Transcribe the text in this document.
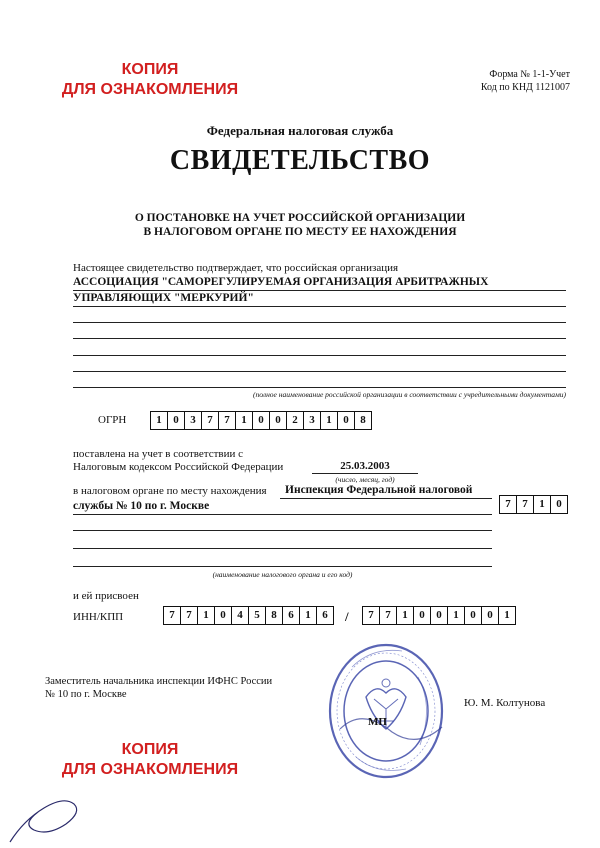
КОПИЯ
ДЛЯ ОЗНАКОМЛЕНИЯ
Форма № 1-1-Учет
Код по КНД 1121007
Федеральная налоговая служба
СВИДЕТЕЛЬСТВО
О ПОСТАНОВКЕ НА УЧЕТ РОССИЙСКОЙ ОРГАНИЗАЦИИ
В НАЛОГОВОМ ОРГАНЕ ПО МЕСТУ ЕЕ НАХОЖДЕНИЯ
Настоящее свидетельство подтверждает, что российская организация
АССОЦИАЦИЯ "САМОРЕГУЛИРУЕМАЯ ОРГАНИЗАЦИЯ АРБИТРАЖНЫХ
УПРАВЛЯЮЩИХ "МЕРКУРИЙ"
(полное наименование российской организации в соответствии с учредительными документами)
ОГРН	1	0	3	7	7	1	0	0	2	3	1	0	8
поставлена на учет в соответствии с
Налоговым кодексом Российской Федерации	25.03.2003
(число, месяц, год)
в налоговом органе по месту нахождения Инспекция Федеральной налоговой
службы № 10 по г. Москве	7	7	1	0
(наименование налогового органа и его код)
и ей присвоен
ИНН/КПП	7	7	1	0	4	5	8	6	1	6	/	7	7	1	0	0	1	0	0	1
Заместитель начальника инспекции ИФНС России
№ 10 по г. Москве
МП
Ю. М. Колтунова
КОПИЯ
ДЛЯ ОЗНАКОМЛЕНИЯ
